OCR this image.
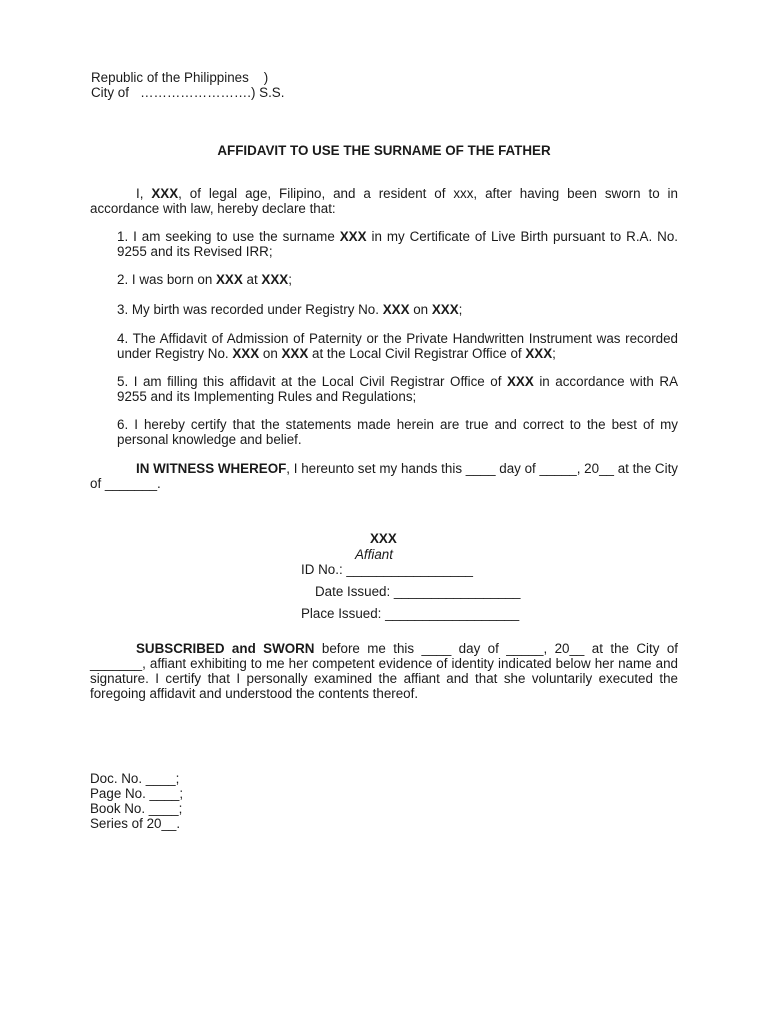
Republic of the Philippines    )
City of   …………………….) S.S.
AFFIDAVIT TO USE THE SURNAME OF THE FATHER
I, XXX, of legal age, Filipino, and a resident of xxx, after having been sworn to in accordance with law, hereby declare that:
1. I am seeking to use the surname XXX in my Certificate of Live Birth pursuant to R.A. No. 9255 and its Revised IRR;
2. I was born on XXX at XXX;
3. My birth was recorded under Registry No. XXX on XXX;
4. The Affidavit of Admission of Paternity or the Private Handwritten Instrument was recorded under Registry No. XXX on XXX at the Local Civil Registrar Office of XXX;
5. I am filling this affidavit at the Local Civil Registrar Office of XXX in accordance with RA 9255 and its Implementing Rules and Regulations;
6. I hereby certify that the statements made herein are true and correct to the best of my personal knowledge and belief.
IN WITNESS WHEREOF, I hereunto set my hands this ____ day of _____, 20__ at the City of _______.
XXX
Affiant
ID No.: _________________
Date Issued: _________________
Place Issued: __________________
SUBSCRIBED and SWORN before me this ____ day of _____, 20__ at the City of _______, affiant exhibiting to me her competent evidence of identity indicated below her name and signature. I certify that I personally examined the affiant and that she voluntarily executed the foregoing affidavit and understood the contents thereof.
Doc. No. ____;
Page No. ____;
Book No. ____;
Series of 20__.
